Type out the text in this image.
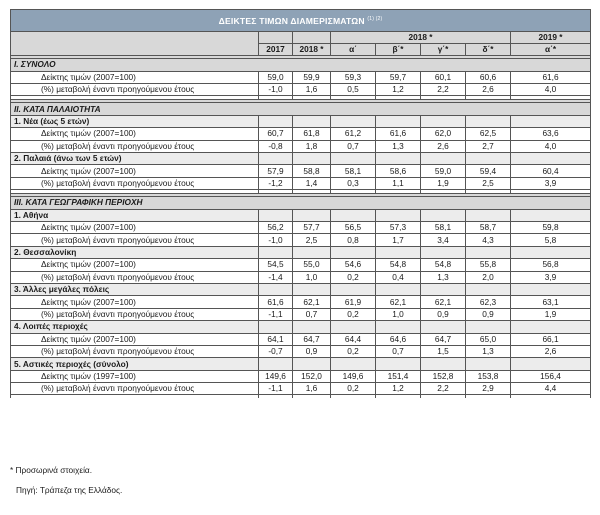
ΔΕΙΚΤΕΣ ΤΙΜΩΝ ΔΙΑΜΕΡΙΣΜΑΤΩΝ $^{(1) (2)}$
			2018 *				2019 *
	2017	2018 *	α΄	β΄*	γ΄*	δ΄*	α΄*

I. ΣΥΝΟΛΟ							
Δείκτης τιμών (2007=100)	59,0	59,9	59,3	59,7	60,1	60,6	61,6
(%) μεταβολή έναντι προηγούμενου έτους	-1,0	1,6	0,5	1,2	2,2	2,6	4,0

II. ΚΑΤΑ ΠΑΛΑΙΟΤΗΤΑ							
1. Νέα (έως 5 ετών)							
Δείκτης τιμών (2007=100)	60,7	61,8	61,2	61,6	62,0	62,5	63,6
(%) μεταβολή έναντι προηγούμενου έτους	-0,8	1,8	0,7	1,3	2,6	2,7	4,0
2. Παλαιά (άνω των 5 ετών)							
Δείκτης τιμών (2007=100)	57,9	58,8	58,1	58,6	59,0	59,4	60,4
(%) μεταβολή έναντι προηγούμενου έτους	-1,2	1,4	0,3	1,1	1,9	2,5	3,9

III. ΚΑΤΑ ΓΕΩΓΡΑΦΙΚΗ ΠΕΡΙΟΧΗ							
1. Αθήνα							
Δείκτης τιμών (2007=100)	56,2	57,7	56,5	57,3	58,1	58,7	59,8
(%) μεταβολή έναντι προηγούμενου έτους	-1,0	2,5	0,8	1,7	3,4	4,3	5,8
2. Θεσσαλονίκη							
Δείκτης τιμών (2007=100)	54,5	55,0	54,6	54,8	54,8	55,8	56,8
(%) μεταβολή έναντι προηγούμενου έτους	-1,4	1,0	0,2	0,4	1,3	2,0	3,9
3. Άλλες μεγάλες πόλεις							
Δείκτης τιμών (2007=100)	61,6	62,1	61,9	62,1	62,1	62,3	63,1
(%) μεταβολή έναντι προηγούμενου έτους	-1,1	0,7	0,2	1,0	0,9	0,9	1,9
4. Λοιπές περιοχές							
Δείκτης τιμών (2007=100)	64,1	64,7	64,4	64,6	64,7	65,0	66,1
(%) μεταβολή έναντι προηγούμενου έτους	-0,7	0,9	0,2	0,7	1,5	1,3	2,6
5. Αστικές περιοχές (σύνολο)							
Δείκτης τιμών (1997=100)	149,6	152,0	149,6	151,4	152,8	153,8	156,4
(%) μεταβολή έναντι προηγούμενου έτους	-1,1	1,6	0,2	1,2	2,2	2,9	4,4

* Προσωρινά στοιχεία.
Πηγή: Τράπεζα της Ελλάδος.
